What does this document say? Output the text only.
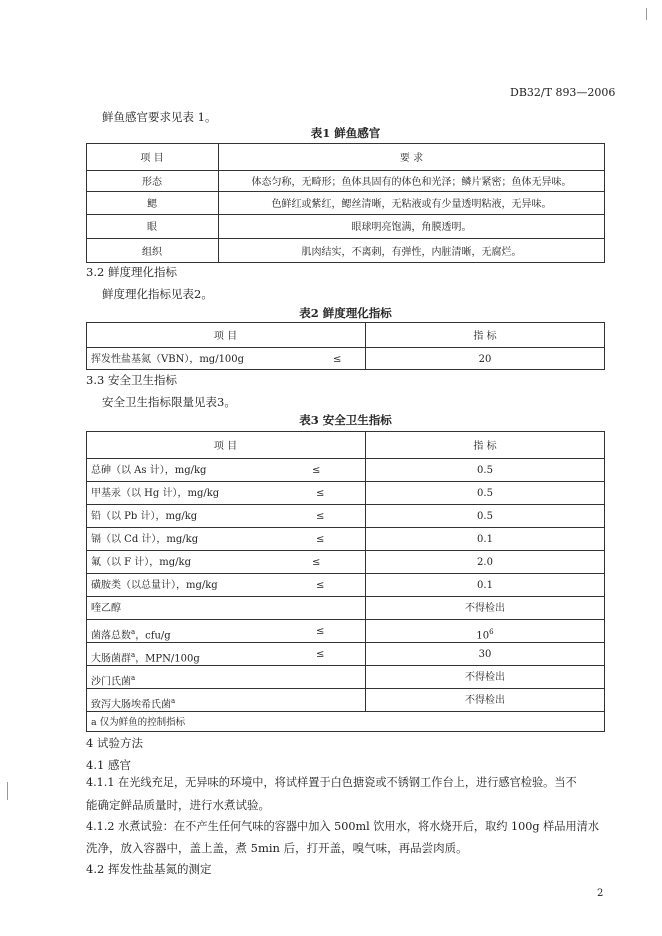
DB32/T 893—2006
鲜鱼感官要求见表 1。
表1 鲜鱼感官
项 目	要 求
形态	体态匀称，无畸形；鱼体具固有的体色和光泽；鳞片紧密；鱼体无异味。
鳃	色鲜红或紫红，鳃丝清晰，无粘液或有少量透明粘液，无异味。
眼	眼球明亮饱满，角膜透明。
组织	肌肉结实，不离刺，有弹性，内脏清晰，无腐烂。
3.2 鲜度理化指标
鲜度理化指标见表2。
表2 鲜度理化指标
项 目	指 标
挥发性盐基氮（VBN），mg/100g	≤	20
3.3 安全卫生指标
安全卫生指标限量见表3。
表3 安全卫生指标
项 目	指 标
总砷（以 As 计），mg/kg	≤	0.5
甲基汞（以 Hg 计），mg/kg	≤	0.5
铅（以 Pb 计），mg/kg	≤	0.5
镉（以 Cd 计），mg/kg	≤	0.1
氟（以 F 计），mg/kg	≤	2.0
磺胺类（以总量计），mg/kg	≤	0.1
喹乙醇	不得检出
菌落总数$^a$，cfu/g	≤	$10^6$
大肠菌群$^a$，MPN/100g	≤	30
沙门氏菌$^a$	不得检出
致泻大肠埃希氏菌$^a$	不得检出
a 仅为鲜鱼的控制指标
4 试验方法
4.1 感官
4.1.1 在光线充足，无异味的环境中，将试样置于白色搪瓷或不锈钢工作台上，进行感官检验。当不
能确定鲜品质量时，进行水煮试验。
4.1.2 水煮试验：在不产生任何气味的容器中加入 500ml 饮用水，将水烧开后，取约 100g 样品用清水
洗净，放入容器中，盖上盖，煮 5min 后，打开盖，嗅气味，再品尝肉质。
4.2 挥发性盐基氮的测定
2
